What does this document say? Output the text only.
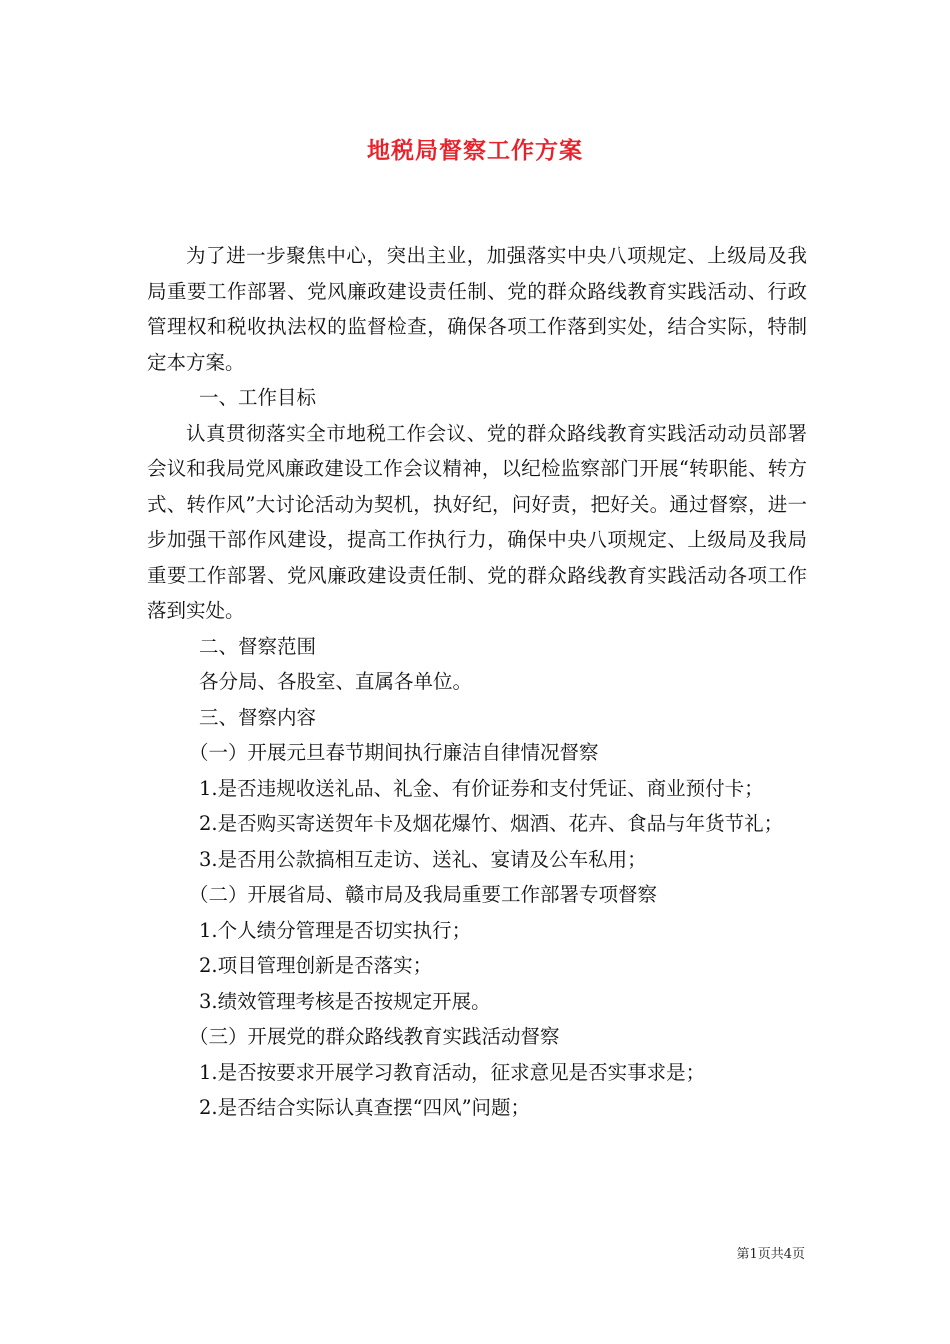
地税局督察工作方案

为了进一步聚焦中心，突出主业，加强落实中央八项规定、上级局及我局重要工作部署、党风廉政建设责任制、党的群众路线教育实践活动、行政管理权和税收执法权的监督检查，确保各项工作落到实处，结合实际，特制定本方案。

一、工作目标

认真贯彻落实全市地税工作会议、党的群众路线教育实践活动动员部署会议和我局党风廉政建设工作会议精神，以纪检监察部门开展“转职能、转方式、转作风”大讨论活动为契机，执好纪，问好责，把好关。通过督察，进一步加强干部作风建设，提高工作执行力，确保中央八项规定、上级局及我局重要工作部署、党风廉政建设责任制、党的群众路线教育实践活动各项工作落到实处。

二、督察范围

各分局、各股室、直属各单位。

三、督察内容

（一）开展元旦春节期间执行廉洁自律情况督察

1.是否违规收送礼品、礼金、有价证券和支付凭证、商业预付卡；

2.是否购买寄送贺年卡及烟花爆竹、烟酒、花卉、食品与年货节礼；

3.是否用公款搞相互走访、送礼、宴请及公车私用；

（二）开展省局、赣市局及我局重要工作部署专项督察

1.个人绩分管理是否切实执行；

2.项目管理创新是否落实；

3.绩效管理考核是否按规定开展。

（三）开展党的群众路线教育实践活动督察

1.是否按要求开展学习教育活动，征求意见是否实事求是；

2.是否结合实际认真查摆“四风”问题；

第1页共4页
